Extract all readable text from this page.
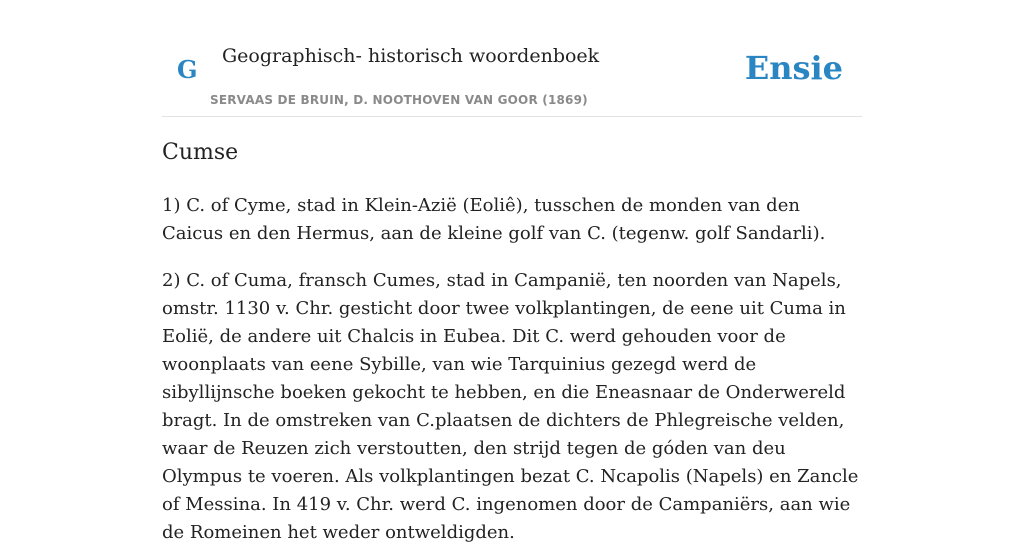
G Geographisch- historisch woordenboek
SERVAAS DE BRUIN, D. NOOTHOVEN VAN GOOR (1869)
Ensie
Cumse

1) C. of Cyme, stad in Klein-Azië (Eoliê), tusschen de monden van den Caicus en den Hermus, aan de kleine golf van C. (tegenw. golf Sandarli).

2) C. of Cuma, fransch Cumes, stad in Campanië, ten noorden van Napels, omstr. 1130 v. Chr. gesticht door twee volkplantingen, de eene uit Cuma in Eolië, de andere uit Chalcis in Eubea. Dit C. werd gehouden voor de woonplaats van eene Sybille, van wie Tarquinius gezegd werd de sibyllijnsche boeken gekocht te hebben, en die Eneasnaar de Onderwereld bragt. In de omstreken van C.plaatsen de dichters de Phlegreische velden, waar de Reuzen zich verstoutten, den strijd tegen de góden van deu Olympus te voeren. Als volkplantingen bezat C. Ncapolis (Napels) en Zancle of Messina. In 419 v. Chr. werd C. ingenomen door de Campaniërs, aan wie de Romeinen het weder ontweldigden.
